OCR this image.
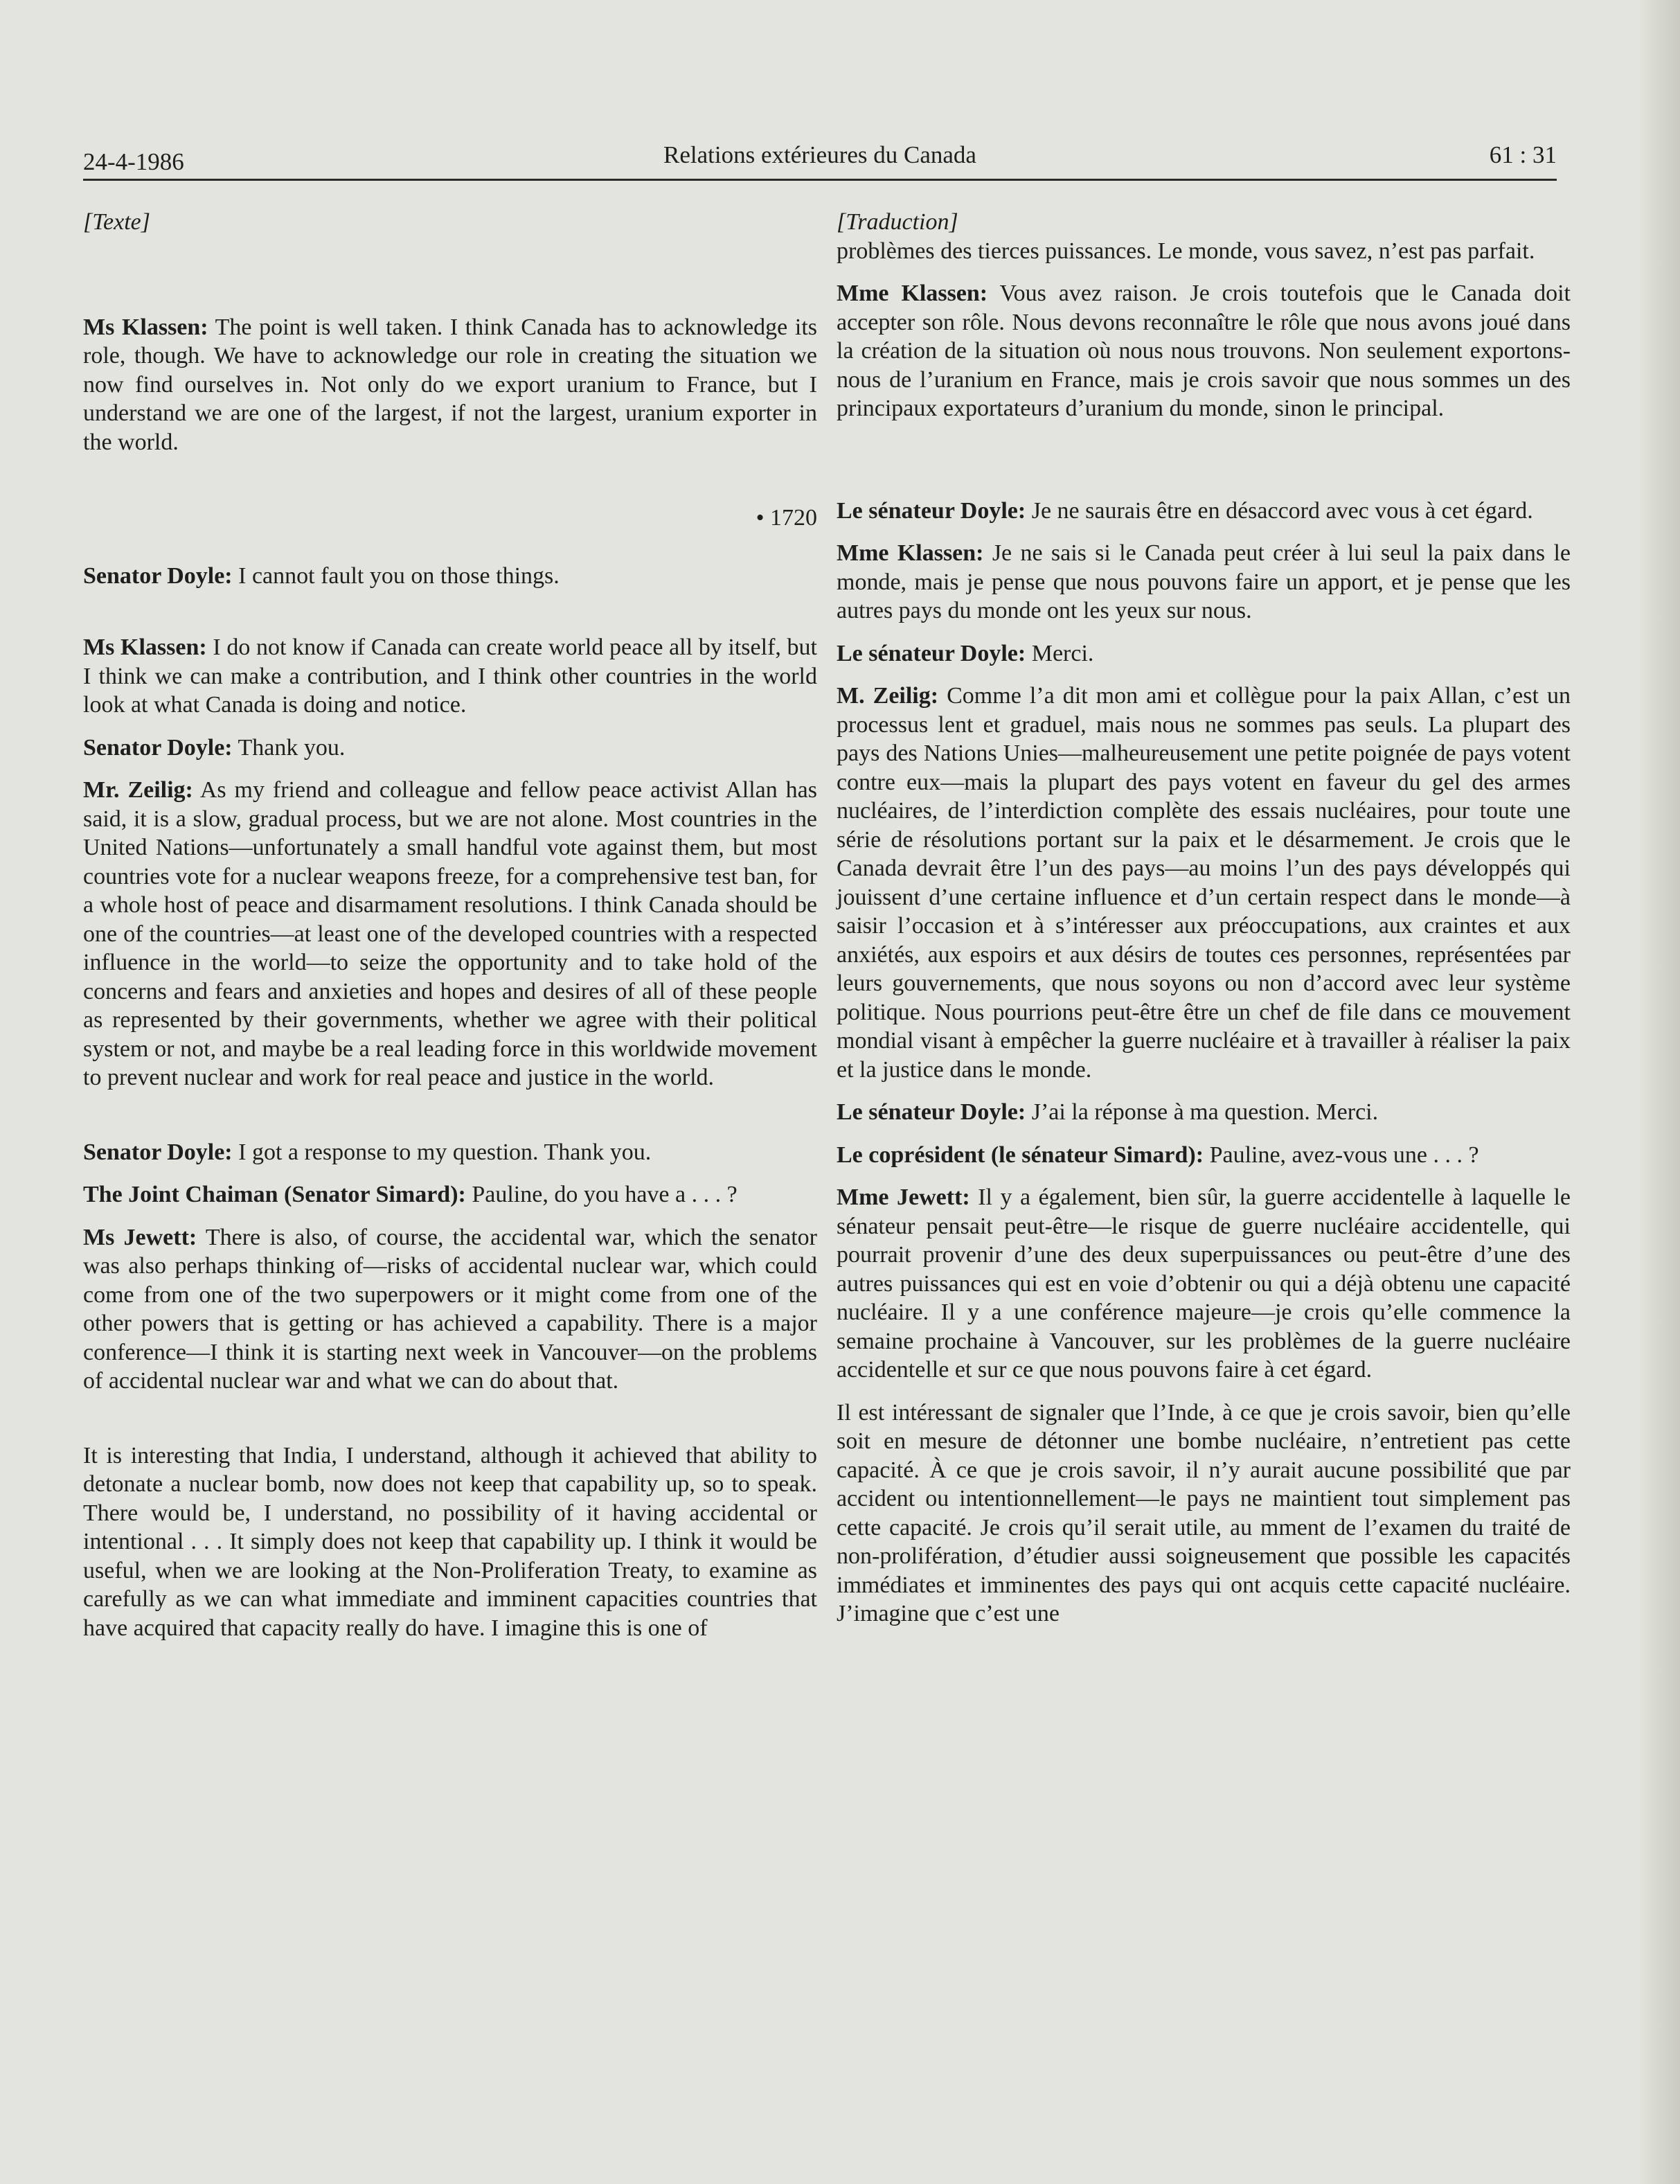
24-4-1986	Relations extérieures du Canada	61 : 31

[Texte]

Ms Klassen: The point is well taken. I think Canada has to acknowledge its role, though. We have to acknowledge our role in creating the situation we now find ourselves in. Not only do we export uranium to France, but I understand we are one of the largest, if not the largest, uranium exporter in the world.

• 1720

Senator Doyle: I cannot fault you on those things.

Ms Klassen: I do not know if Canada can create world peace all by itself, but I think we can make a contribution, and I think other countries in the world look at what Canada is doing and notice.

Senator Doyle: Thank you.

Mr. Zeilig: As my friend and colleague and fellow peace activist Allan has said, it is a slow, gradual process, but we are not alone. Most countries in the United Nations—unfortunately a small handful vote against them, but most countries vote for a nuclear weapons freeze, for a comprehensive test ban, for a whole host of peace and disarmament resolutions. I think Canada should be one of the countries—at least one of the developed countries with a respected influence in the world—to seize the opportunity and to take hold of the concerns and fears and anxieties and hopes and desires of all of these people as represented by their governments, whether we agree with their political system or not, and maybe be a real leading force in this worldwide movement to prevent nuclear and work for real peace and justice in the world.

Senator Doyle: I got a response to my question. Thank you.

The Joint Chaiman (Senator Simard): Pauline, do you have a . . . ?

Ms Jewett: There is also, of course, the accidental war, which the senator was also perhaps thinking of—risks of accidental nuclear war, which could come from one of the two superpowers or it might come from one of the other powers that is getting or has achieved a capability. There is a major conference—I think it is starting next week in Vancouver—on the problems of accidental nuclear war and what we can do about that.

It is interesting that India, I understand, although it achieved that ability to detonate a nuclear bomb, now does not keep that capability up, so to speak. There would be, I understand, no possibility of it having accidental or intentional . . . It simply does not keep that capability up. I think it would be useful, when we are looking at the Non-Proliferation Treaty, to examine as carefully as we can what immediate and imminent capacities countries that have acquired that capacity really do have. I imagine this is one of

[Traduction]

problèmes des tierces puissances. Le monde, vous savez, n’est pas parfait.

Mme Klassen: Vous avez raison. Je crois toutefois que le Canada doit accepter son rôle. Nous devons reconnaître le rôle que nous avons joué dans la création de la situation où nous nous trouvons. Non seulement exportons-nous de l’uranium en France, mais je crois savoir que nous sommes un des principaux exportateurs d’uranium du monde, sinon le principal.

Le sénateur Doyle: Je ne saurais être en désaccord avec vous à cet égard.

Mme Klassen: Je ne sais si le Canada peut créer à lui seul la paix dans le monde, mais je pense que nous pouvons faire un apport, et je pense que les autres pays du monde ont les yeux sur nous.

Le sénateur Doyle: Merci.

M. Zeilig: Comme l’a dit mon ami et collègue pour la paix Allan, c’est un processus lent et graduel, mais nous ne sommes pas seuls. La plupart des pays des Nations Unies—malheureusement une petite poignée de pays votent contre eux—mais la plupart des pays votent en faveur du gel des armes nucléaires, de l’interdiction complète des essais nucléaires, pour toute une série de résolutions portant sur la paix et le désarmement. Je crois que le Canada devrait être l’un des pays—au moins l’un des pays développés qui jouissent d’une certaine influence et d’un certain respect dans le monde—à saisir l’occasion et à s’intéresser aux préoccupations, aux craintes et aux anxiétés, aux espoirs et aux désirs de toutes ces personnes, représentées par leurs gouvernements, que nous soyons ou non d’accord avec leur système politique. Nous pourrions peut-être être un chef de file dans ce mouvement mondial visant à empêcher la guerre nucléaire et à travailler à réaliser la paix et la justice dans le monde.

Le sénateur Doyle: J’ai la réponse à ma question. Merci.

Le coprésident (le sénateur Simard): Pauline, avez-vous une . . . ?

Mme Jewett: Il y a également, bien sûr, la guerre accidentelle à laquelle le sénateur pensait peut-être—le risque de guerre nucléaire accidentelle, qui pourrait provenir d’une des deux superpuissances ou peut-être d’une des autres puissances qui est en voie d’obtenir ou qui a déjà obtenu une capacité nucléaire. Il y a une conférence majeure—je crois qu’elle commence la semaine prochaine à Vancouver, sur les problèmes de la guerre nucléaire accidentelle et sur ce que nous pouvons faire à cet égard.

Il est intéressant de signaler que l’Inde, à ce que je crois savoir, bien qu’elle soit en mesure de détonner une bombe nucléaire, n’entretient pas cette capacité. À ce que je crois savoir, il n’y aurait aucune possibilité que par accident ou intentionnellement—le pays ne maintient tout simplement pas cette capacité. Je crois qu’il serait utile, au mment de l’examen du traité de non-prolifération, d’étudier aussi soigneusement que possible les capacités immédiates et imminentes des pays qui ont acquis cette capacité nucléaire. J’imagine que c’est une
